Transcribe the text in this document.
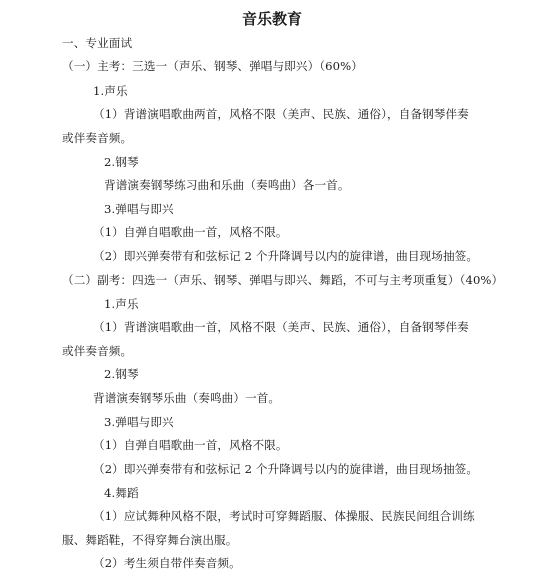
音乐教育
一、专业面试
（一）主考：三选一（声乐、钢琴、弹唱与即兴）（60%）
1.声乐
（1）背谱演唱歌曲两首，风格不限（美声、民族、通俗），自备钢琴伴奏
或伴奏音频。
2.钢琴
背谱演奏钢琴练习曲和乐曲（奏鸣曲）各一首。
3.弹唱与即兴
（1）自弹自唱歌曲一首，风格不限。
（2）即兴弹奏带有和弦标记 2 个升降调号以内的旋律谱，曲目现场抽签。
（二）副考：四选一（声乐、钢琴、弹唱与即兴、舞蹈，不可与主考项重复）（40%）
1.声乐
（1）背谱演唱歌曲一首，风格不限（美声、民族、通俗），自备钢琴伴奏
或伴奏音频。
2.钢琴
背谱演奏钢琴乐曲（奏鸣曲）一首。
3.弹唱与即兴
（1）自弹自唱歌曲一首，风格不限。
（2）即兴弹奏带有和弦标记 2 个升降调号以内的旋律谱，曲目现场抽签。
4.舞蹈
（1）应试舞种风格不限，考试时可穿舞蹈服、体操服、民族民间组合训练
服、舞蹈鞋，不得穿舞台演出服。
（2）考生须自带伴奏音频。
